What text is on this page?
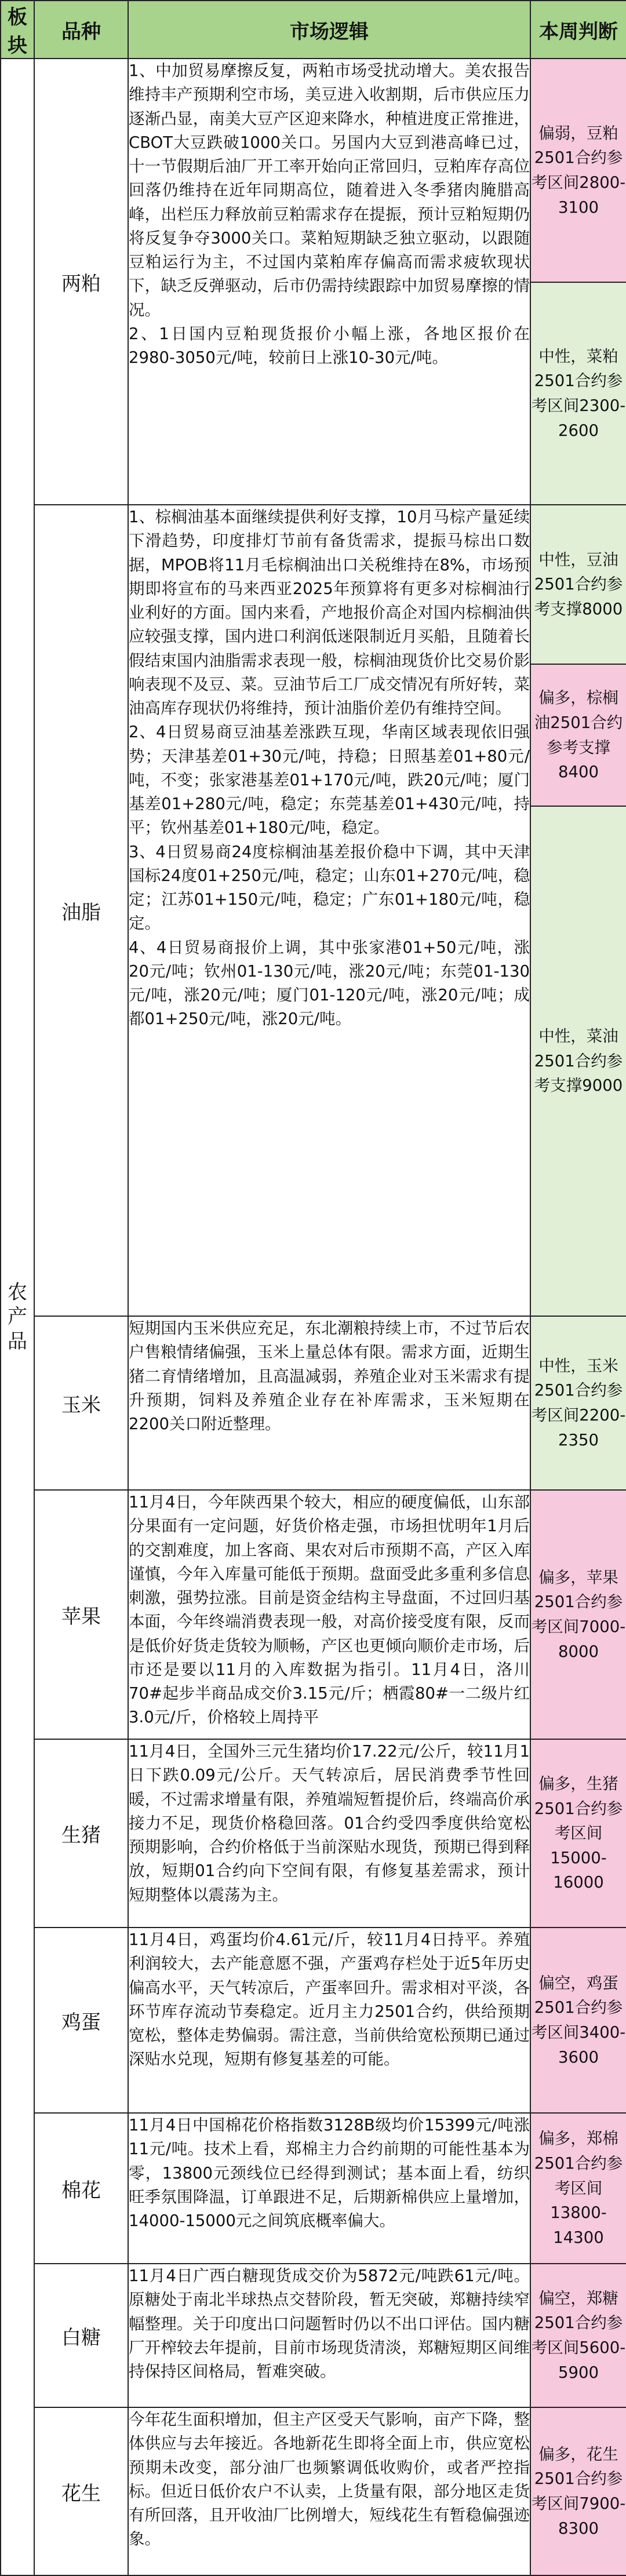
板块	品种	市场逻辑	本周判断
农产品	两粕	1、中加贸易摩擦反复，两粕市场受扰动增大。美农报告维持丰产预期利空市场，美豆进入收割期，后市供应压力逐渐凸显，南美大豆产区迎来降水，种植进度正常推进，CBOT大豆跌破1000关口。另国内大豆到港高峰已过，十一节假期后油厂开工率开始向正常回归，豆粕库存高位回落仍维持在近年同期高位，随着进入冬季猪肉腌腊高峰，出栏压力释放前豆粕需求存在提振，预计豆粕短期仍将反复争夺3000关口。菜粕短期缺乏独立驱动，以跟随豆粕运行为主，不过国内菜粕库存偏高而需求疲软现状下，缺乏反弹驱动，后市仍需持续跟踪中加贸易摩擦的情况。

2、1日国内豆粕现货报价小幅上涨，各地区报价在2980-3050元/吨，较前日上涨10-30元/吨。	偏弱，豆粕2501合约参考区间2800-3100
			中性，菜粕2501合约参考区间2300-2600
	油脂	1、棕榈油基本面继续提供利好支撑，10月马棕产量延续下滑趋势，印度排灯节前有备货需求，提振马棕出口数据，MPOB将11月毛棕榈油出口关税维持在8%，市场预期即将宣布的马来西亚2025年预算将有更多对棕榈油行业利好的方面。国内来看，产地报价高企对国内棕榈油供应较强支撑，国内进口利润低迷限制近月买船，且随着长假结束国内油脂需求表现一般，棕榈油现货价比交易价影响表现不及豆、菜。豆油节后工厂成交情况有所好转，菜油高库存现状仍将维持，预计油脂价差仍有维持空间。

2、4日贸易商豆油基差涨跌互现，华南区域表现依旧强势；天津基差01+30元/吨，持稳；日照基差01+80元/吨，不变；张家港基差01+170元/吨，跌20元/吨；厦门基差01+280元/吨，稳定；东莞基差01+430元/吨，持平；钦州基差01+180元/吨，稳定。

3、4日贸易商24度棕榈油基差报价稳中下调，其中天津国标24度01+250元/吨，稳定；山东01+270元/吨，稳定；江苏01+150元/吨，稳定；广东01+180元/吨，稳定。

4、4日贸易商报价上调，其中张家港01+50元/吨，涨20元/吨；钦州01-130元/吨，涨20元/吨；东莞01-130元/吨，涨20元/吨；厦门01-120元/吨，涨20元/吨；成都01+250元/吨，涨20元/吨。	中性，豆油2501合约参考支撑8000
			偏多，棕榈油2501合约参考支撑8400
			中性，菜油2501合约参考支撑9000
	玉米	短期国内玉米供应充足，东北潮粮持续上市，不过节后农户售粮情绪偏强，玉米上量总体有限。需求方面，近期生猪二育情绪增加，且高温减弱，养殖企业对玉米需求有提升预期，饲料及养殖企业存在补库需求，玉米短期在2200关口附近整理。	中性，玉米2501合约参考区间2200-2350
	苹果	11月4日，今年陕西果个较大，相应的硬度偏低，山东部分果面有一定问题，好货价格走强，市场担忧明年1月后的交割难度，加上客商、果农对后市预期不高，产区入库谨慎，今年入库量可能低于预期。盘面受此多重利多信息刺激，强势拉涨。目前是资金结构主导盘面，不过回归基本面，今年终端消费表现一般，对高价接受度有限，反而是低价好货走货较为顺畅，产区也更倾向顺价走市场，后市还是要以11月的入库数据为指引。11月4日，洛川70#起步半商品成交价3.15元/斤；栖霞80#一二级片红3.0元/斤，价格较上周持平	偏多，苹果2501合约参考区间7000-8000
	生猪	11月4日，全国外三元生猪均价17.22元/公斤，较11月1日下跌0.09元/公斤。天气转凉后，居民消费季节性回暖，不过需求增量有限，养殖端短暂提价后，终端高价承接力不足，现货价格稳回落。01合约受四季度供给宽松预期影响，合约价格低于当前深贴水现货，预期已得到释放，短期01合约向下空间有限，有修复基差需求，预计短期整体以震荡为主。	偏多，生猪2501合约参考区间15000-16000
	鸡蛋	11月4日，鸡蛋均价4.61元/斤，较11月4日持平。养殖利润较大，去产能意愿不强，产蛋鸡存栏处于近5年历史偏高水平，天气转凉后，产蛋率回升。需求相对平淡，各环节库存流动节奏稳定。近月主力2501合约，供给预期宽松，整体走势偏弱。需注意，当前供给宽松预期已通过深贴水兑现，短期有修复基差的可能。	偏空，鸡蛋2501合约参考区间3400-3600
	棉花	11月4日中国棉花价格指数3128B级均价15399元/吨涨11元/吨。技术上看，郑棉主力合约前期的可能性基本为零，13800元颈线位已经得到测试；基本面上看，纺织旺季氛围降温，订单跟进不足，后期新棉供应上量增加，14000-15000元之间筑底概率偏大。	偏多，郑棉2501合约参考区间13800-14300
	白糖	11月4日广西白糖现货成交价为5872元/吨跌61元/吨。原糖处于南北半球热点交替阶段，暂无突破，郑糖持续窄幅整理。关于印度出口问题暂时仍以不出口评估。国内糖厂开榨较去年提前，目前市场现货清淡，郑糖短期区间维持保持区间格局，暂难突破。	偏空，郑糖2501合约参考区间5600-5900
	花生	今年花生面积增加，但主产区受天气影响，亩产下降，整体供应与去年接近。各地新花生即将全面上市，供应宽松预期未改变，部分油厂也频繁调低收购价，或者严控指标。但近日低价农户不认卖，上货量有限，部分地区走货有所回落，且开收油厂比例增大，短线花生有暂稳偏强迹象。	偏多，花生2501合约参考区间7900-8300
